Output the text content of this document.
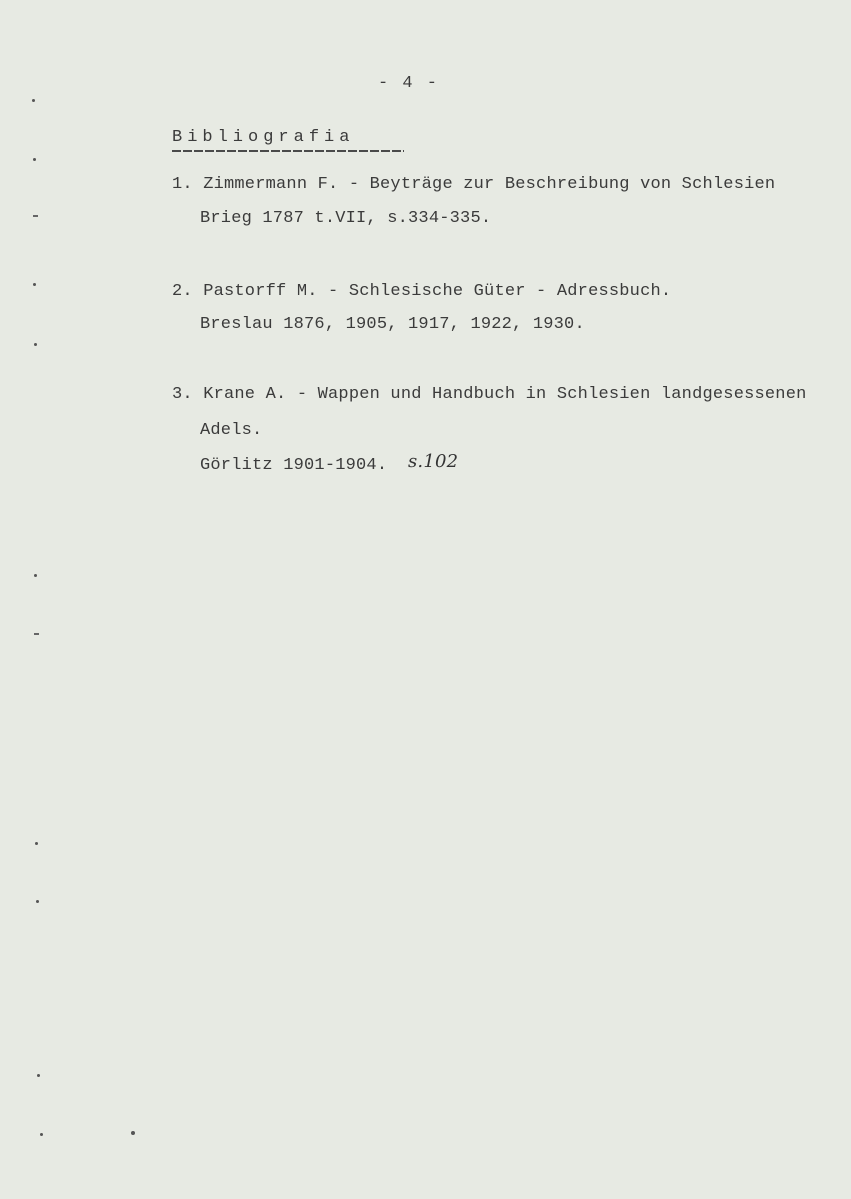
- 4 -
Bibliografia
1. Zimmermann F. - Beyträge zur Beschreibung von Schlesien
Brieg 1787 t.VII, s.334-335.
2. Pastorff M. - Schlesische Güter - Adressbuch.
Breslau 1876, 1905, 1917, 1922, 1930.
3. Krane A. - Wappen und Handbuch in Schlesien landgesessenen
Adels.
Görlitz 1901-1904. s.102
